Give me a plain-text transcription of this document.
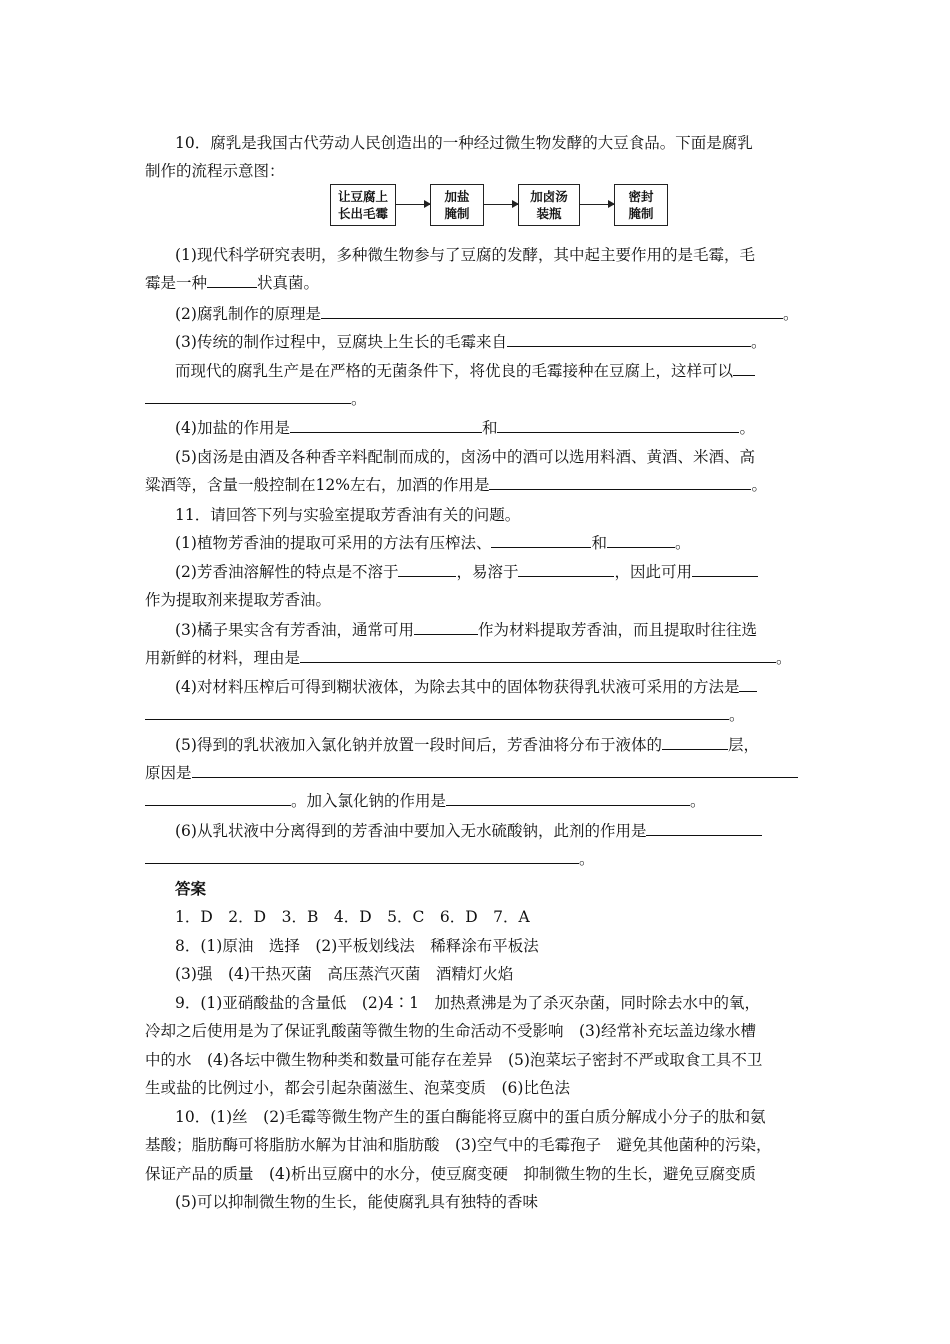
10．腐乳是我国古代劳动人民创造出的一种经过微生物发酵的大豆食品。下面是腐乳
制作的流程示意图：
让豆腐上
长出毛霉
加盐
腌制
加卤汤
装瓶
密封
腌制
(1)现代科学研究表明，多种微生物参与了豆腐的发酵，其中起主要作用的是毛霉，毛
霉是一种	状真菌。
(2)腐乳制作的原理是	。
(3)传统的制作过程中，豆腐块上生长的毛霉来自	。
而现代的腐乳生产是在严格的无菌条件下，将优良的毛霉接种在豆腐上，这样可以
。
(4)加盐的作用是	和	。
(5)卤汤是由酒及各种香辛料配制而成的，卤汤中的酒可以选用料酒、黄酒、米酒、高
粱酒等，含量一般控制在12%左右，加酒的作用是	。
11．请回答下列与实验室提取芳香油有关的问题。
(1)植物芳香油的提取可采用的方法有压榨法、	和	。
(2)芳香油溶解性的特点是不溶于	，易溶于	，因此可用
作为提取剂来提取芳香油。
(3)橘子果实含有芳香油，通常可用	作为材料提取芳香油，而且提取时往往选
用新鲜的材料，理由是	。
(4)对材料压榨后可得到糊状液体，为除去其中的固体物获得乳状液可采用的方法是
。
(5)得到的乳状液加入氯化钠并放置一段时间后，芳香油将分布于液体的	层，
原因是
。加入氯化钠的作用是	。
(6)从乳状液中分离得到的芳香油中要加入无水硫酸钠，此剂的作用是
。
答案
1．D　2．D　3．B　4．D　5．C　6．D　7．A
8．(1)原油　选择　(2)平板划线法　稀释涂布平板法
(3)强　(4)干热灭菌　高压蒸汽灭菌　酒精灯火焰
9．(1)亚硝酸盐的含量低　(2)4∶1　加热煮沸是为了杀灭杂菌，同时除去水中的氧，
冷却之后使用是为了保证乳酸菌等微生物的生命活动不受影响　(3)经常补充坛盖边缘水槽
中的水　(4)各坛中微生物种类和数量可能存在差异　(5)泡菜坛子密封不严或取食工具不卫
生或盐的比例过小，都会引起杂菌滋生、泡菜变质　(6)比色法
10．(1)丝　(2)毛霉等微生物产生的蛋白酶能将豆腐中的蛋白质分解成小分子的肽和氨
基酸；脂肪酶可将脂肪水解为甘油和脂肪酸　(3)空气中的毛霉孢子　避免其他菌种的污染，
保证产品的质量　(4)析出豆腐中的水分，使豆腐变硬　抑制微生物的生长，避免豆腐变质
(5)可以抑制微生物的生长，能使腐乳具有独特的香味
